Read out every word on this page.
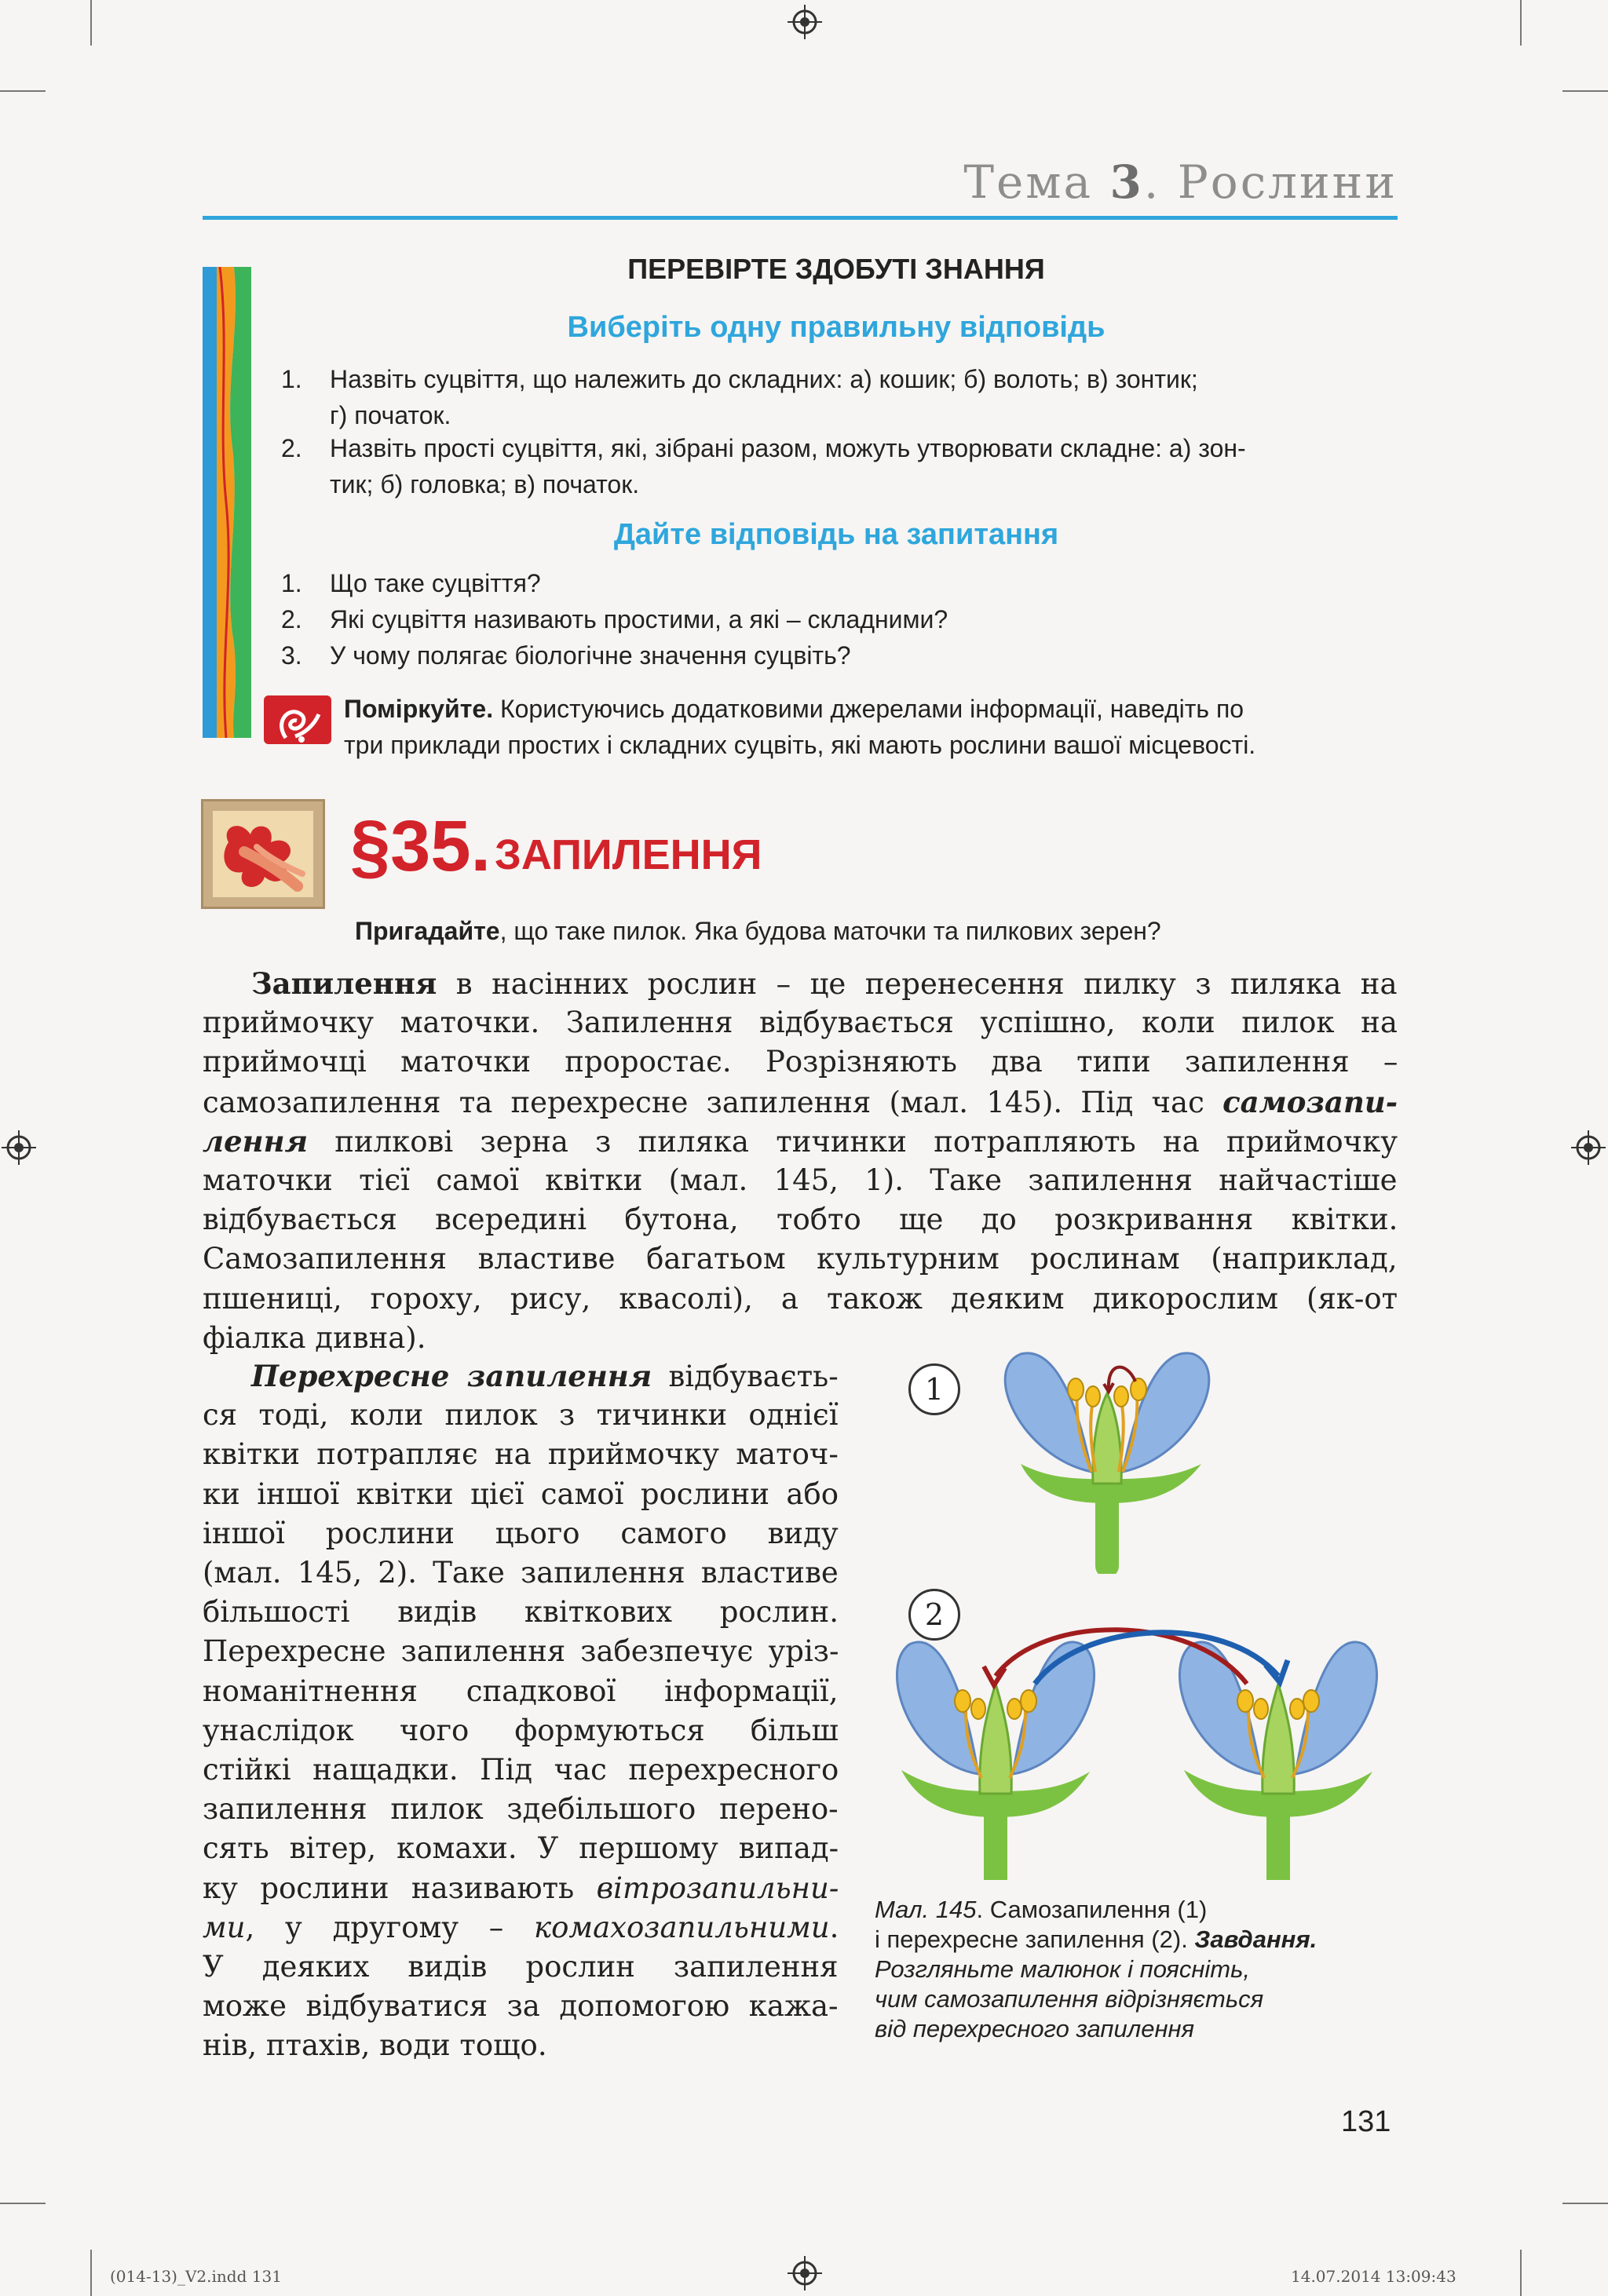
Тема 3. Рослини
ПЕРЕВІРТЕ ЗДОБУТІ ЗНАННЯ
Виберіть одну правильну відповідь
1. Назвіть суцвіття, що належить до складних: а) кошик; б) волоть; в) зонтик;
г) початок.
2. Назвіть прості суцвіття, які, зібрані разом, можуть утворювати складне: а) зон-
тик; б) головка; в) початок.
Дайте відповідь на запитання
1. Що таке суцвіття?
2. Які суцвіття називають простими, а які – складними?
3. У чому полягає біологічне значення суцвіть?
Поміркуйте. Користуючись додатковими джерелами інформації, наведіть по
три приклади простих і складних суцвіть, які мають рослини вашої місцевості.
§35. ЗАПИЛЕННЯ
Пригадайте, що таке пилок. Яка будова маточки та пилкових зерен?
Запилення в насінних рослин – це перенесення пилку з пиляка на
приймочку маточки. Запилення відбувається успішно, коли пилок на
приймочці маточки проростає. Розрізняють два типи запилення –
самозапилення та перехресне запилення (мал. 145). Під час самозапи-
лення пилкові зерна з пиляка тичинки потрапляють на приймочку
маточки тієї самої квітки (мал. 145, 1). Таке запилення найчастіше
відбувається всередині бутона, тобто ще до розкривання квітки.
Самозапилення властиве багатьом культурним рослинам (наприклад,
пшениці, гороху, рису, квасолі), а також деяким дикорослим (як-от
фіалка дивна).
Перехресне запилення відбуваєть-
ся тоді, коли пилок з тичинки однієї
квітки потрапляє на приймочку маточ-
ки іншої квітки цієї самої рослини або
іншої рослини цього самого виду
(мал. 145, 2). Таке запилення властиве
більшості видів квіткових рослин.
Перехресне запилення забезпечує уріз-
номанітнення спадкової інформації,
унаслідок чого формуються більш
стійкі нащадки. Під час перехресного
запилення пилок здебільшого перено-
сять вітер, комахи. У першому випад-
ку рослини називають вітрозапильни-
ми, у другому – комахозапильними.
У деяких видів рослин запилення
може відбуватися за допомогою кажа-
нів, птахів, води тощо.
1
2
Мал. 145. Самозапилення (1)
і перехресне запилення (2). Завдання.
Розгляньте малюнок і поясніть,
чим самозапилення відрізняється
від перехресного запилення
131
(014-13)_V2.indd 131	14.07.2014 13:09:43
